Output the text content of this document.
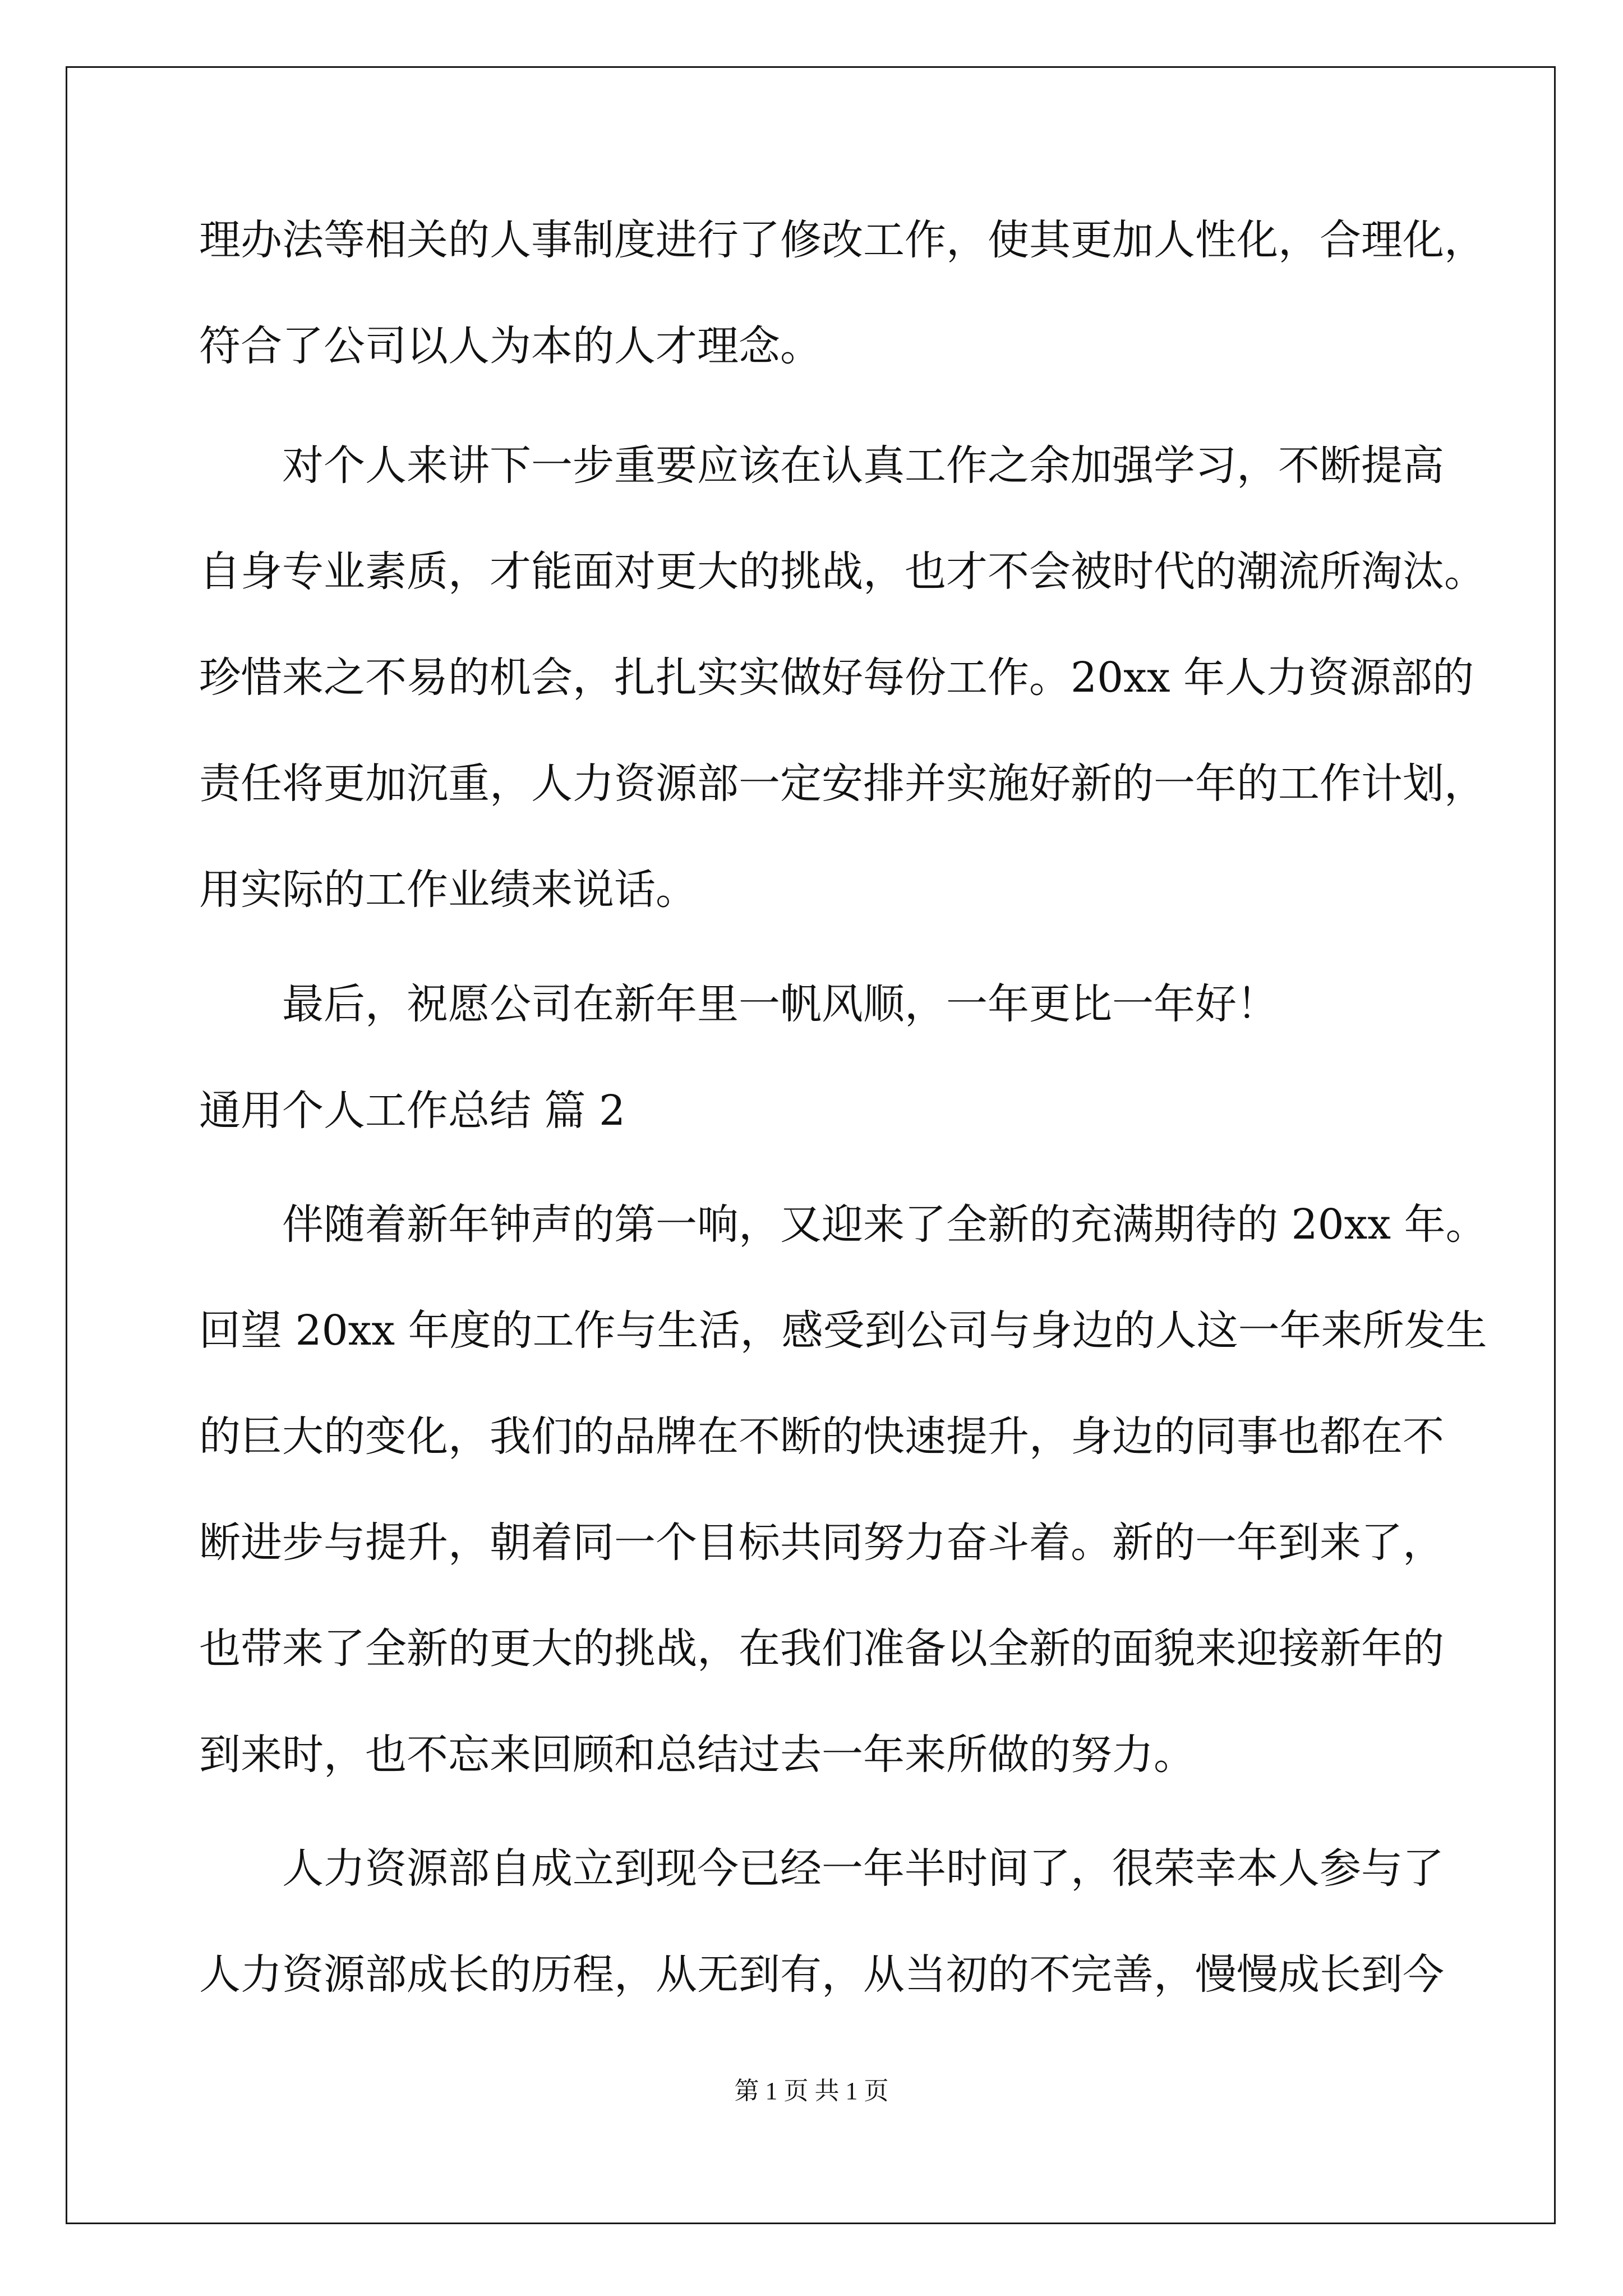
理办法等相关的人事制度进行了修改工作，使其更加人性化，合理化，
符合了公司以人为本的人才理念。
对个人来讲下一步重要应该在认真工作之余加强学习，不断提高
自身专业素质，才能面对更大的挑战，也才不会被时代的潮流所淘汰。
珍惜来之不易的机会，扎扎实实做好每份工作。20xx 年人力资源部的
责任将更加沉重，人力资源部一定安排并实施好新的一年的工作计划，
用实际的工作业绩来说话。
最后，祝愿公司在新年里一帆风顺，一年更比一年好！
通用个人工作总结 篇 2
伴随着新年钟声的第一响，又迎来了全新的充满期待的 20xx 年。
回望 20xx 年度的工作与生活，感受到公司与身边的人这一年来所发生
的巨大的变化，我们的品牌在不断的快速提升，身边的同事也都在不
断进步与提升，朝着同一个目标共同努力奋斗着。新的一年到来了，
也带来了全新的更大的挑战，在我们准备以全新的面貌来迎接新年的
到来时，也不忘来回顾和总结过去一年来所做的努力。
人力资源部自成立到现今已经一年半时间了，很荣幸本人参与了
人力资源部成长的历程，从无到有，从当初的不完善，慢慢成长到今
第 1 页 共 1 页
